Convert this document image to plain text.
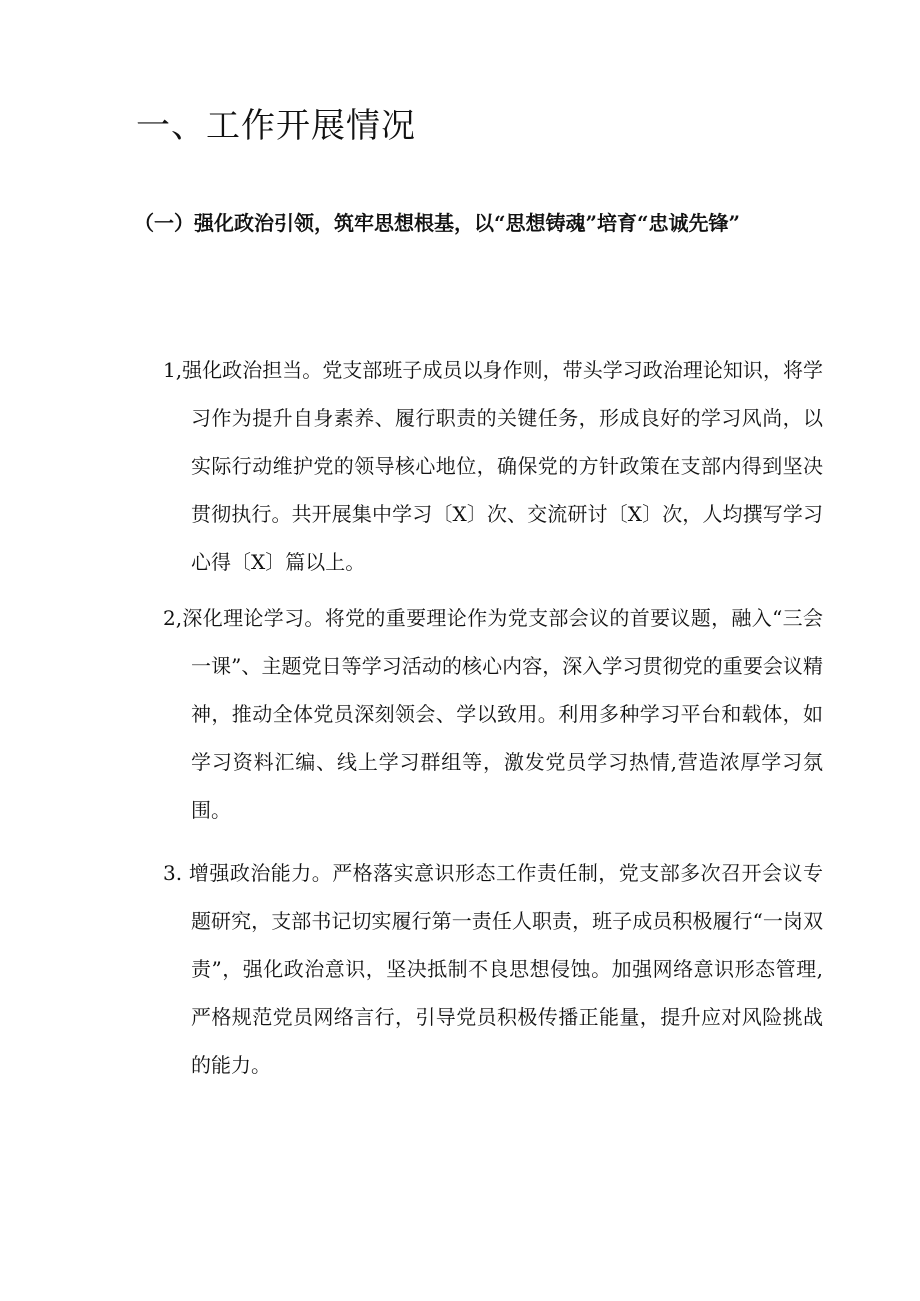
一、工作开展情况
（一）强化政治引领，筑牢思想根基，以“思想铸魂”培育“忠诚先锋”

1,强化政治担当。党支部班子成员以身作则，带头学习政治理论知识，将学习作为提升自身素养、履行职责的关键任务，形成良好的学习风尚，以实际行动维护党的领导核心地位，确保党的方针政策在支部内得到坚决贯彻执行。共开展集中学习〔X〕次、交流研讨〔X〕次，人均撰写学习心得〔X〕篇以上。

2,深化理论学习。将党的重要理论作为党支部会议的首要议题，融入“三会一课”、主题党日等学习活动的核心内容，深入学习贯彻党的重要会议精神，推动全体党员深刻领会、学以致用。利用多种学习平台和载体，如学习资料汇编、线上学习群组等，激发党员学习热情,营造浓厚学习氛围。

3. 增强政治能力。严格落实意识形态工作责任制，党支部多次召开会议专题研究，支部书记切实履行第一责任人职责，班子成员积极履行“一岗双责”，强化政治意识，坚决抵制不良思想侵蚀。加强网络意识形态管理,严格规范党员网络言行，引导党员积极传播正能量，提升应对风险挑战的能力。
